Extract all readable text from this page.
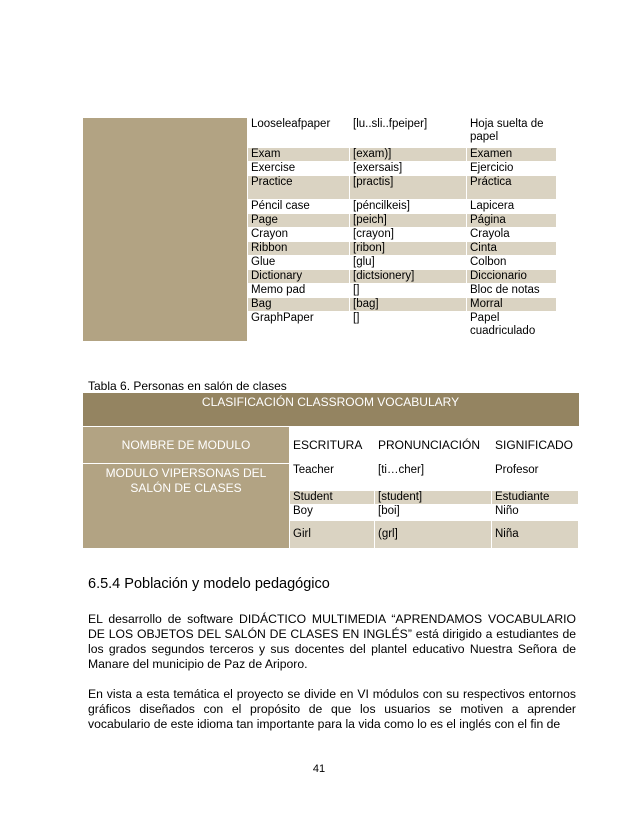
	Looseleafpaper	[lu..sli..fpeiper]	Hoja suelta de papel
	Exam	[exam)]	Examen
	Exercise	[exersais]	Ejercicio
	Practice	[practis]	Práctica
	Péncil case	[péncilkeis]	Lapicera
	Page	[peich]	Página
	Crayon	[crayon]	Crayola
	Ribbon	[ribon]	Cinta
	Glue	[glu]	Colbon
	Dictionary	[dictsionery]	Diccionario
	Memo pad	[]	Bloc de notas
	Bag	[bag]	Morral
	GraphPaper	[]	Papel cuadriculado
Tabla 6. Personas en salón de clases
CLASIFICACIÓN CLASSROOM VOCABULARY			
NOMBRE DE MODULO	ESCRITURA	PRONUNCIACIÓN	SIGNIFICADO
MODULO VIPERSONAS DEL SALÓN DE CLASES	Teacher	[ti…cher]	Profesor
	Student	[student]	Estudiante
	Boy	[boi]	Niño
	Girl	(grl]	Niña
6.5.4 Población y modelo pedagógico
EL desarrollo de software DIDÁCTICO MULTIMEDIA “APRENDAMOS VOCABULARIO DE LOS OBJETOS DEL SALÓN DE CLASES EN INGLÉS” está dirigido a estudiantes de los grados segundos terceros y sus docentes del plantel educativo Nuestra Señora de Manare del municipio de Paz de Ariporo.
En vista a esta temática el proyecto se divide en VI módulos con su respectivos entornos gráficos diseñados con el propósito de que los usuarios se motiven a aprender vocabulario de este idioma tan importante para la vida como lo es el inglés con el fin de
41
